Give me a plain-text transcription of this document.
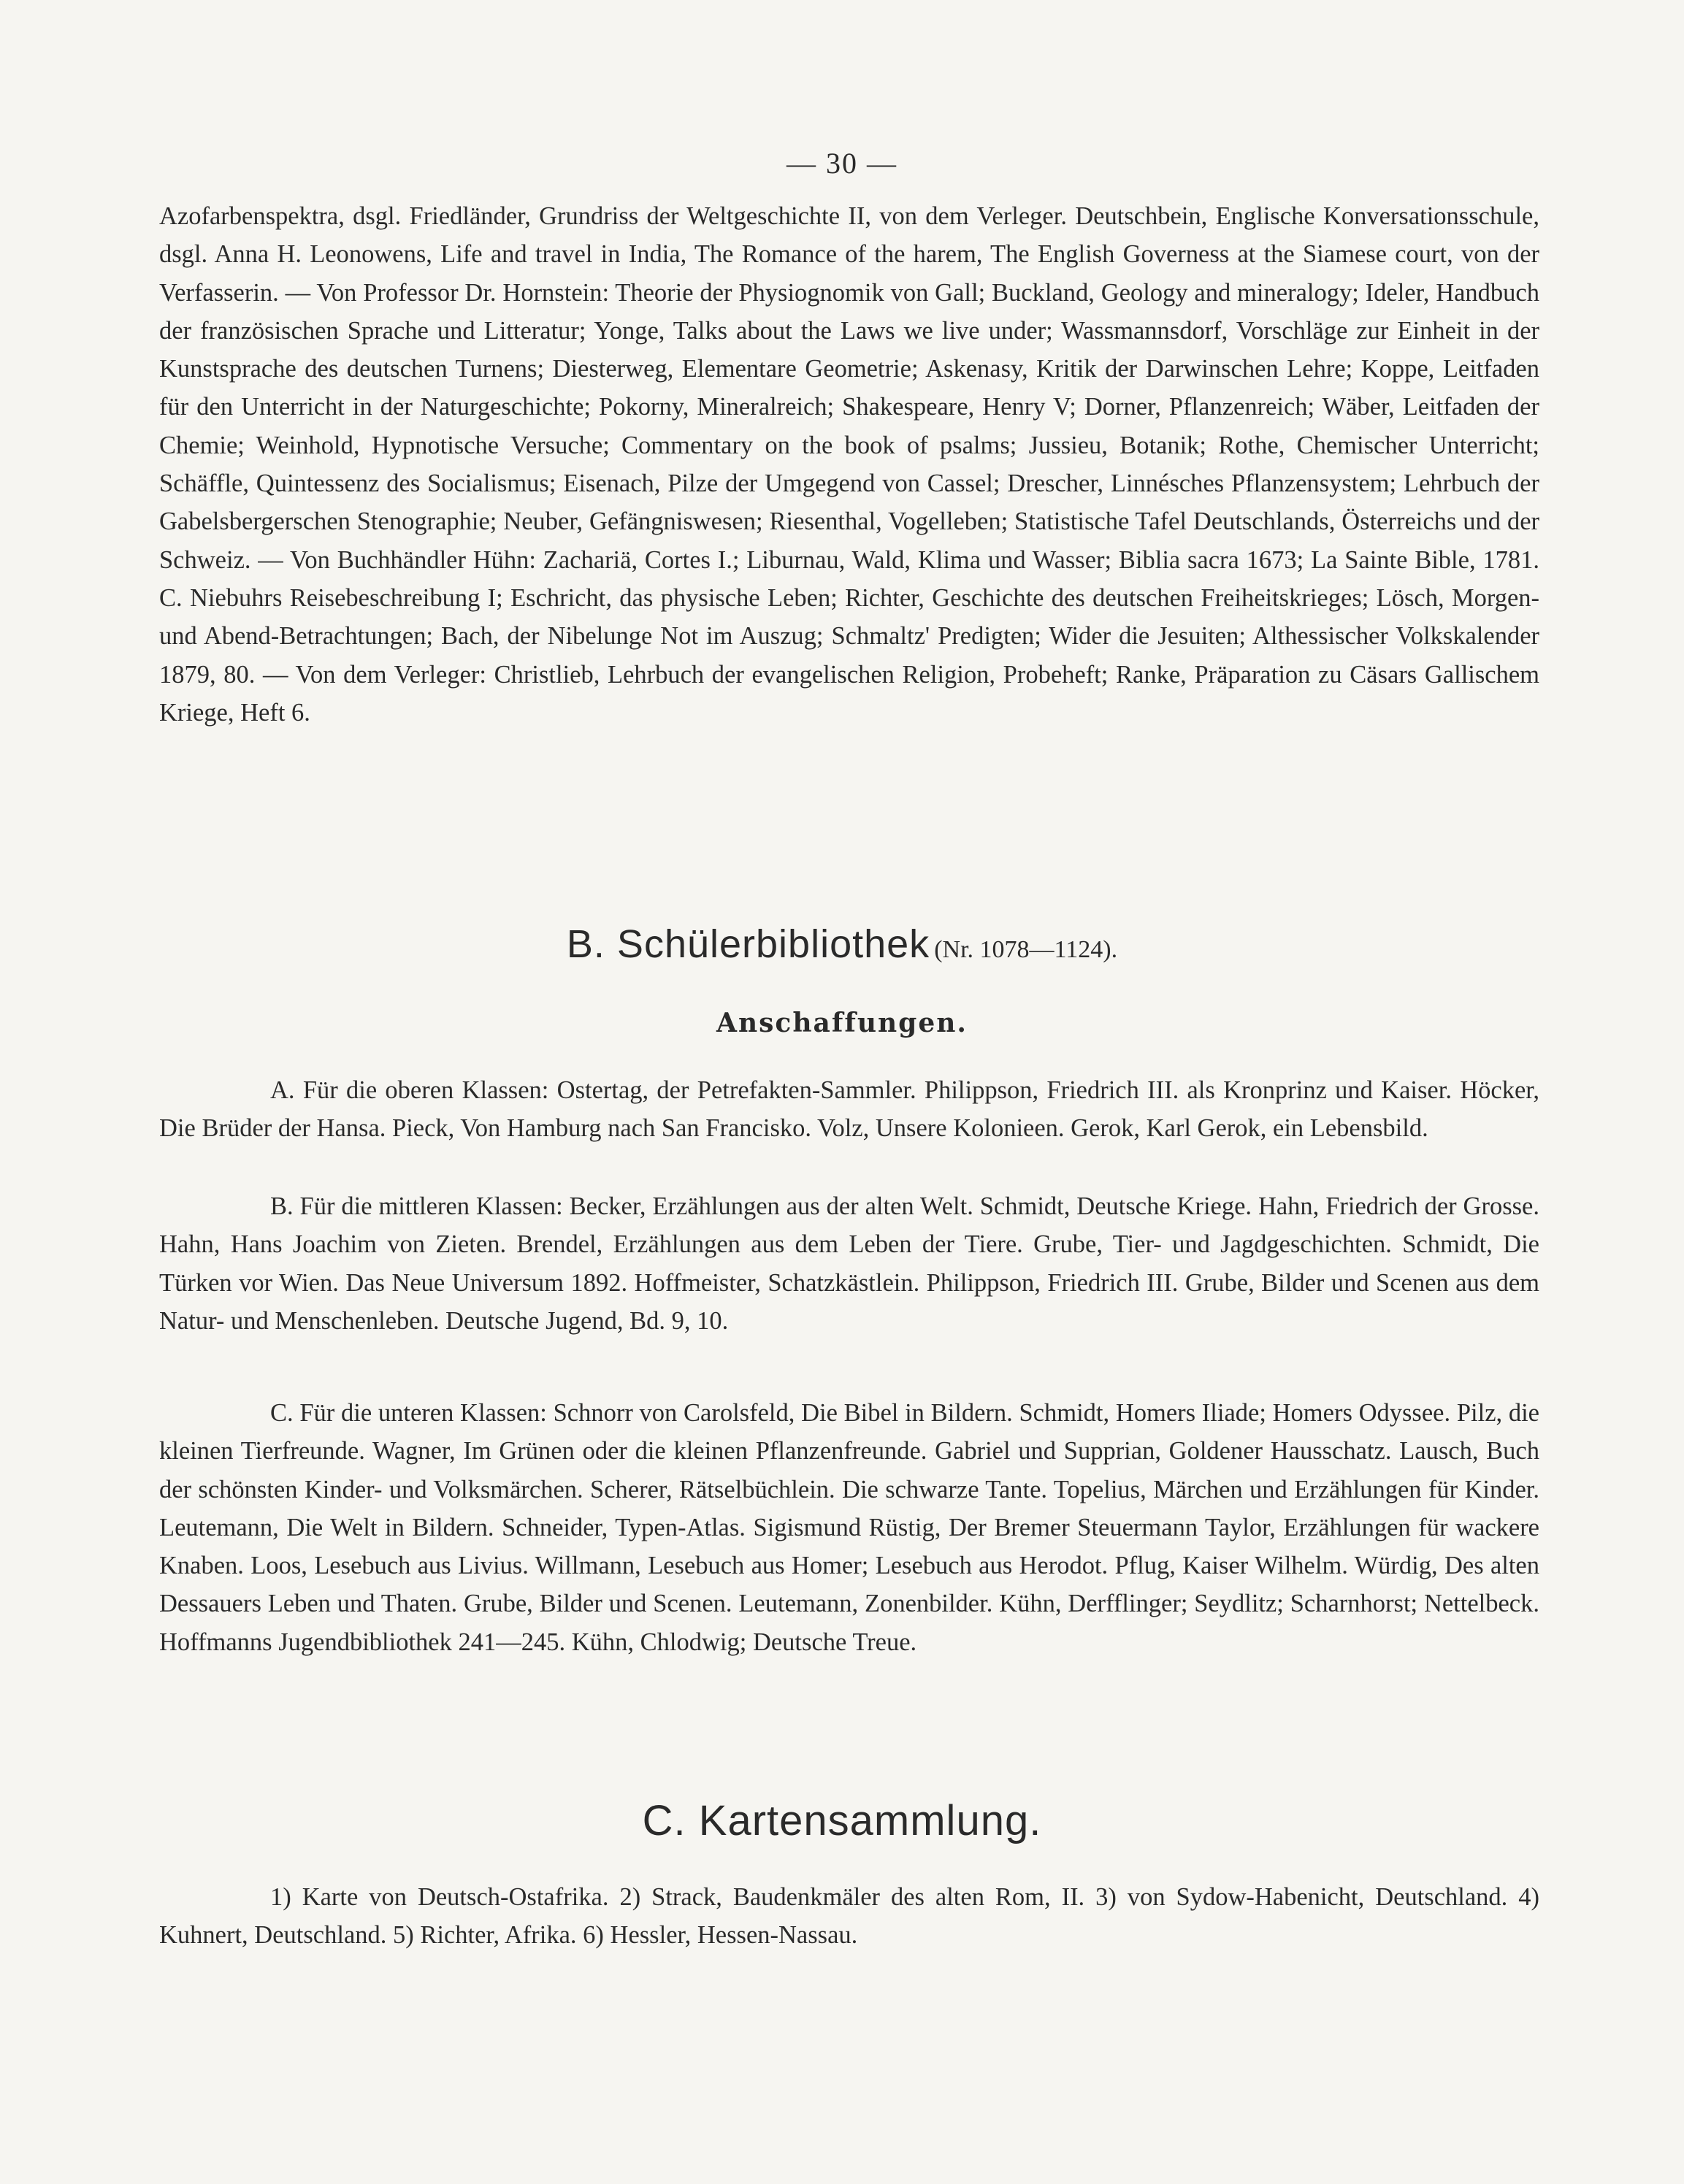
— 30 —

Azofarbenspektra, dsgl. Friedländer, Grundriss der Weltgeschichte II, von dem Verleger. Deutschbein, Englische Konversationsschule, dsgl. Anna H. Leonowens, Life and travel in India, The Romance of the harem, The English Governess at the Siamese court, von der Verfasserin. — Von Professor Dr. Hornstein: Theorie der Physiognomik von Gall; Buckland, Geology and mineralogy; Ideler, Handbuch der französischen Sprache und Litteratur; Yonge, Talks about the Laws we live under; Wassmannsdorf, Vorschläge zur Einheit in der Kunstsprache des deutschen Turnens; Diesterweg, Elementare Geometrie; Askenasy, Kritik der Darwinschen Lehre; Koppe, Leitfaden für den Unterricht in der Naturgeschichte; Pokorny, Mineralreich; Shakespeare, Henry V; Dorner, Pflanzenreich; Wäber, Leitfaden der Chemie; Weinhold, Hypnotische Versuche; Commentary on the book of psalms; Jussieu, Botanik; Rothe, Chemischer Unterricht; Schäffle, Quintessenz des Socialismus; Eisenach, Pilze der Umgegend von Cassel; Drescher, Linnésches Pflanzensystem; Lehrbuch der Gabelsbergerschen Stenographie; Neuber, Gefängniswesen; Riesenthal, Vogelleben; Statistische Tafel Deutschlands, Österreichs und der Schweiz. — Von Buchhändler Hühn: Zachariä, Cortes I.; Liburnau, Wald, Klima und Wasser; Biblia sacra 1673; La Sainte Bible, 1781. C. Niebuhrs Reisebeschreibung I; Eschricht, das physische Leben; Richter, Geschichte des deutschen Freiheitskrieges; Lösch, Morgen- und Abend-Betrachtungen; Bach, der Nibelunge Not im Auszug; Schmaltz' Predigten; Wider die Jesuiten; Althessischer Volkskalender 1879, 80. — Von dem Verleger: Christlieb, Lehrbuch der evangelischen Religion, Probeheft; Ranke, Präparation zu Cäsars Gallischem Kriege, Heft 6.

B. Schülerbibliothek (Nr. 1078—1124).
Anschaffungen.

A. Für die oberen Klassen: Ostertag, der Petrefakten-Sammler. Philippson, Friedrich III. als Kronprinz und Kaiser. Höcker, Die Brüder der Hansa. Pieck, Von Hamburg nach San Francisko. Volz, Unsere Kolonieen. Gerok, Karl Gerok, ein Lebensbild.

B. Für die mittleren Klassen: Becker, Erzählungen aus der alten Welt. Schmidt, Deutsche Kriege. Hahn, Friedrich der Grosse. Hahn, Hans Joachim von Zieten. Brendel, Erzählungen aus dem Leben der Tiere. Grube, Tier- und Jagdgeschichten. Schmidt, Die Türken vor Wien. Das Neue Universum 1892. Hoffmeister, Schatzkästlein. Philippson, Friedrich III. Grube, Bilder und Scenen aus dem Natur- und Menschenleben. Deutsche Jugend, Bd. 9, 10.

C. Für die unteren Klassen: Schnorr von Carolsfeld, Die Bibel in Bildern. Schmidt, Homers Iliade; Homers Odyssee. Pilz, die kleinen Tierfreunde. Wagner, Im Grünen oder die kleinen Pflanzenfreunde. Gabriel und Supprian, Goldener Hausschatz. Lausch, Buch der schönsten Kinder- und Volksmärchen. Scherer, Rätselbüchlein. Die schwarze Tante. Topelius, Märchen und Erzählungen für Kinder. Leutemann, Die Welt in Bildern. Schneider, Typen-Atlas. Sigismund Rüstig, Der Bremer Steuermann Taylor, Erzählungen für wackere Knaben. Loos, Lesebuch aus Livius. Willmann, Lesebuch aus Homer; Lesebuch aus Herodot. Pflug, Kaiser Wilhelm. Würdig, Des alten Dessauers Leben und Thaten. Grube, Bilder und Scenen. Leutemann, Zonenbilder. Kühn, Derfflinger; Seydlitz; Scharnhorst; Nettelbeck. Hoffmanns Jugendbibliothek 241—245. Kühn, Chlodwig; Deutsche Treue.

C. Kartensammlung.

1) Karte von Deutsch-Ostafrika. 2) Strack, Baudenkmäler des alten Rom, II. 3) von Sydow-Habenicht, Deutschland. 4) Kuhnert, Deutschland. 5) Richter, Afrika. 6) Hessler, Hessen-Nassau.
